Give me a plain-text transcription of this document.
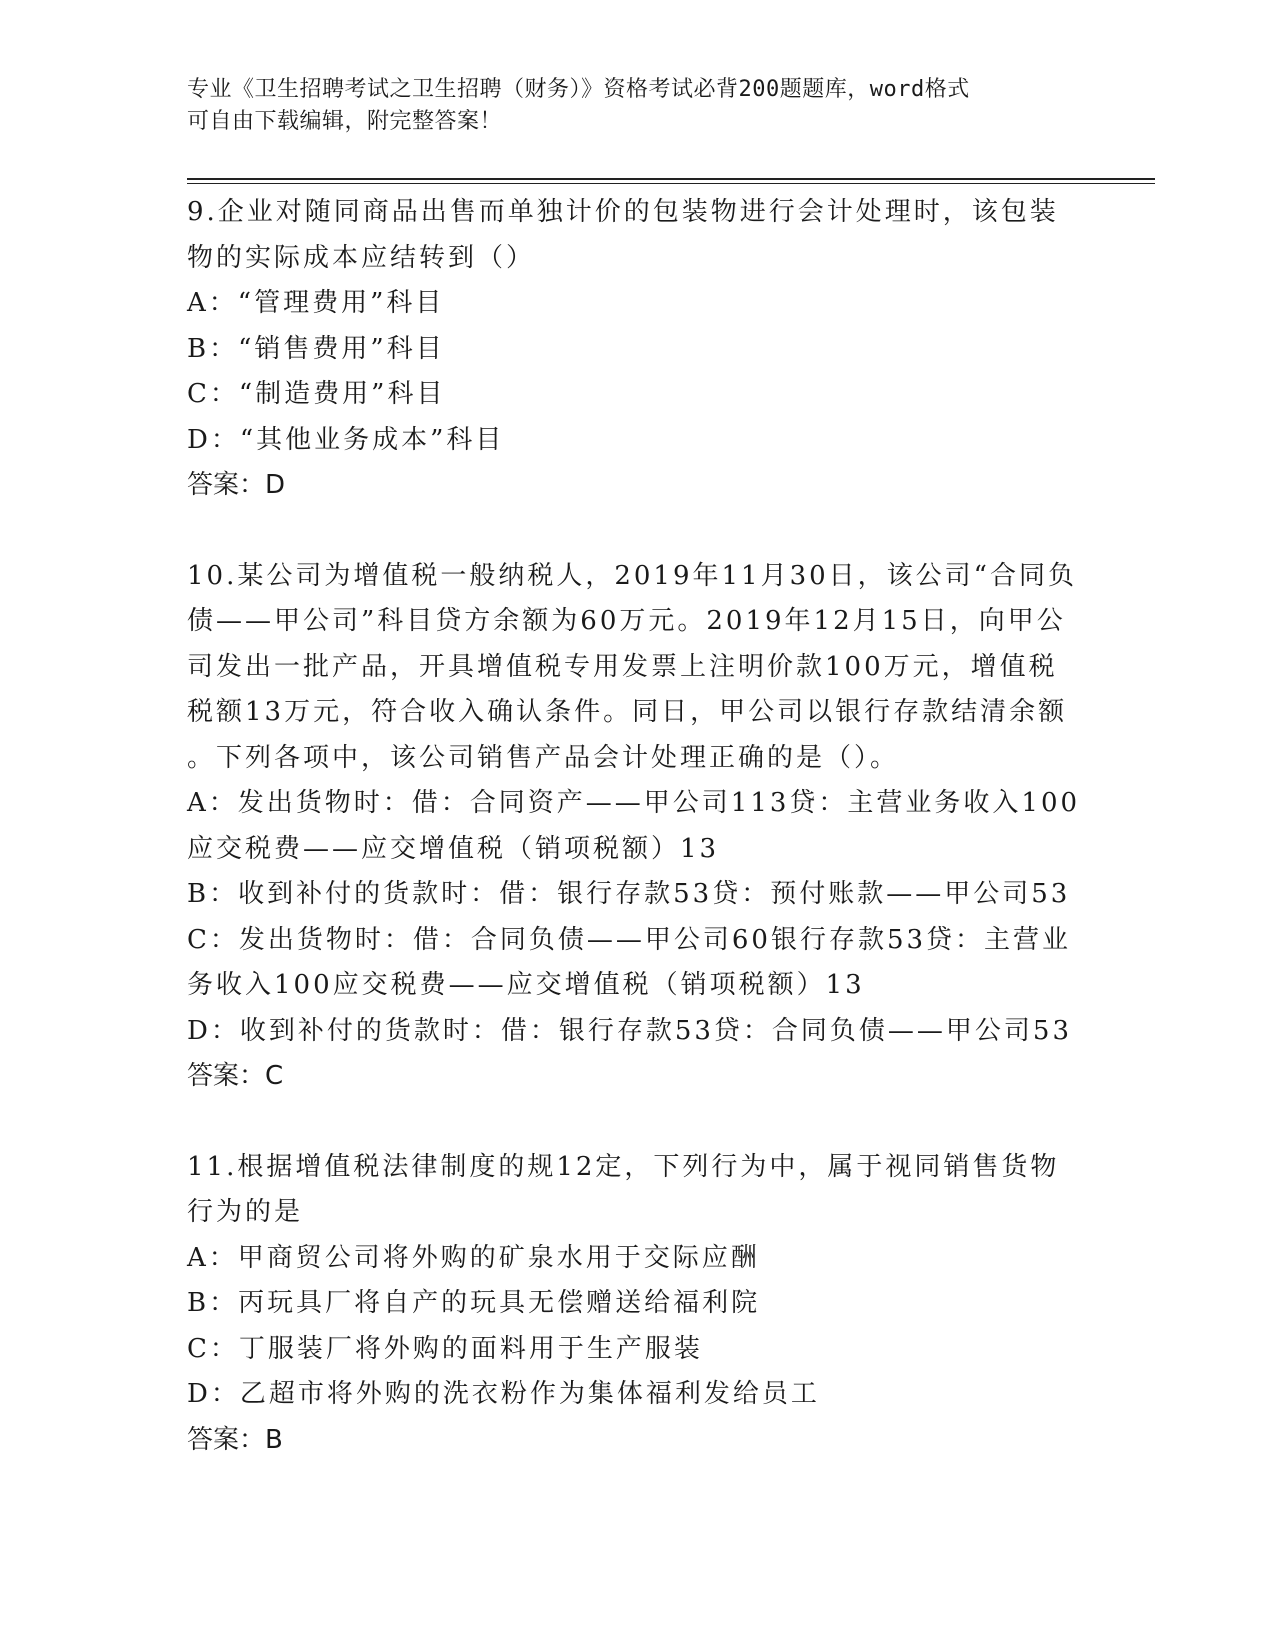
专业《卫生招聘考试之卫生招聘（财务）》资格考试必背200题题库，word格式
可自由下载编辑，附完整答案！

9.企业对随同商品出售而单独计价的包装物进行会计处理时，该包装

物的实际成本应结转到（）

A：“管理费用”科目

B：“销售费用”科目

C：“制造费用”科目

D：“其他业务成本”科目

答案：D

10.某公司为增值税一般纳税人，2019年11月30日，该公司“合同负

债——甲公司”科目贷方余额为60万元。2019年12月15日，向甲公

司发出一批产品，开具增值税专用发票上注明价款100万元，增值税

税额13万元，符合收入确认条件。同日，甲公司以银行存款结清余额

。下列各项中，该公司销售产品会计处理正确的是（）。

A：发出货物时：借：合同资产——甲公司113贷：主营业务收入100

应交税费——应交增值税（销项税额）13

B：收到补付的货款时：借：银行存款53贷：预付账款——甲公司53

C：发出货物时：借：合同负债——甲公司60银行存款53贷：主营业

务收入100应交税费——应交增值税（销项税额）13

D：收到补付的货款时：借：银行存款53贷：合同负债——甲公司53

答案：C

11.根据增值税法律制度的规12定，下列行为中，属于视同销售货物

行为的是

A：甲商贸公司将外购的矿泉水用于交际应酬

B：丙玩具厂将自产的玩具无偿赠送给福利院

C：丁服装厂将外购的面料用于生产服装

D：乙超市将外购的洗衣粉作为集体福利发给员工

答案：B
